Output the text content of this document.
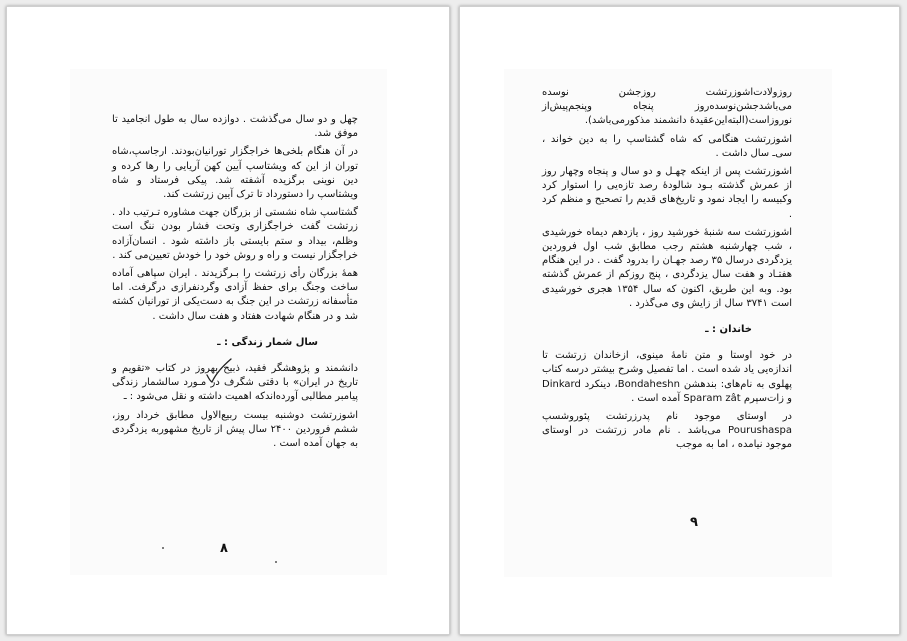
چهل و دو سال می‌گذشت . دوازده سال به طول انجامید تا موفق شد.

در آن هنگام بلخی‌ها خراجگزار تورانیان‌بودند. ارجاسپ،شاه توران از این که ویشتاسپ آیین کهن آریایی را رها کرده و دین نوینی برگزیده آشفته شد. پیکی فرستاد و شاه ویشتاسپ را دستورداد تا ترک آیین زرتشت کند.

گشتاسپ شاه نشستی از بزرگان جهت مشاوره تـرتیب داد . زرتشت گفت خراجگزاری وتحت فشار بودن ننگ است وظلم، بیداد و ستم بایستی باز داشته شود . انسان‌آزاده خراجگزار نیست و راه و روش خود را خودش تعیین‌می کند .

همهٔ بزرگان رأی زرتشت را بـرگزیدند . ایران سپاهی آماده ساخت وجنگ برای حفظ آزادی وگردنفرازی درگرفت. اما متأسفانه زرتشت در این جنگ به دست‌یکی از تورانیان کشته شد و در هنگام شهادت هفتاد و هفت سال داشت .

سال شمار زندگی : ـ

دانشمند و پژوهشگر فقید، ذبیح بهروز در کتاب «تقویم و تاریخ در ایران» با دقتی شگرف در مـورد سالشمار زندگی پیامبر مطالبی آورده‌اندکه اهمیت داشته و نقل می‌شود : ـ

اشوزرتشت دوشنبه بیست ربیع‌الاول مطابق خرداد روز، ششم فروردین ۲۴۰۰ سال پیش از تاریخ مشهوربه یزدگردی به جهان آمده است .

۸

روزولادت‌اشوزرتشت روزجشن نوسده می‌باشدجشن‌نوسده‌روز پنجاه وپنجم‌پیش‌از نوروزاست(البته‌این‌عقیدهٔ دانشمند مذکورمی‌باشد).

اشوزرتشت هنگامی که شاه گشتاسپ را به دین خواند ، سی‌ـ سال داشت .

اشوزرتشت پس از اینکه چهـل و دو سال و پنجاه وچهار روز از عمرش گذشته بـود شالودهٔ رصد تازه‌یی را استوار کرد وکبیسه را ایجاد نمود و تاریخ‌های قدیم را تصحیح و منظم کرد .

اشوزرتشت سه شنبهٔ خورشید روز ، یازدهم دیماه خورشیدی ، شب چهارشنبه هشتم رجب مطابق شب اول فروردین یزدگردی درسال ۳۵ رصد جهـان را بدرود گفت . در این هنگام هفتـاد و هفت سال یزدگردی ، پنج روزکم از عمرش گذشته بود. وبه این طریق، اکنون که سال ۱۳۵۴ هجری خورشیدی است ۳۷۴۱ سال از زایش وی می‌گذرد .

خاندان : ـ

در خود اوستا و متن نامهٔ مینوی، ازخاندان زرتشت تا اندازه‌یی یاد شده است . اما تفصیل وشرح بیشتر درسه کتاب پهلوی به نام‌های: بندهشن Bondaheshn، دینکرد Dinkard و زات‌سپرم Sparam zât آمده است .

در اوستای موجود نام پدرزرتشت پئوروشسپ Pourushaspa می‌باشد . نام مادر زرتشت در اوستای موجود نیامده ، اما به موجب

۹
